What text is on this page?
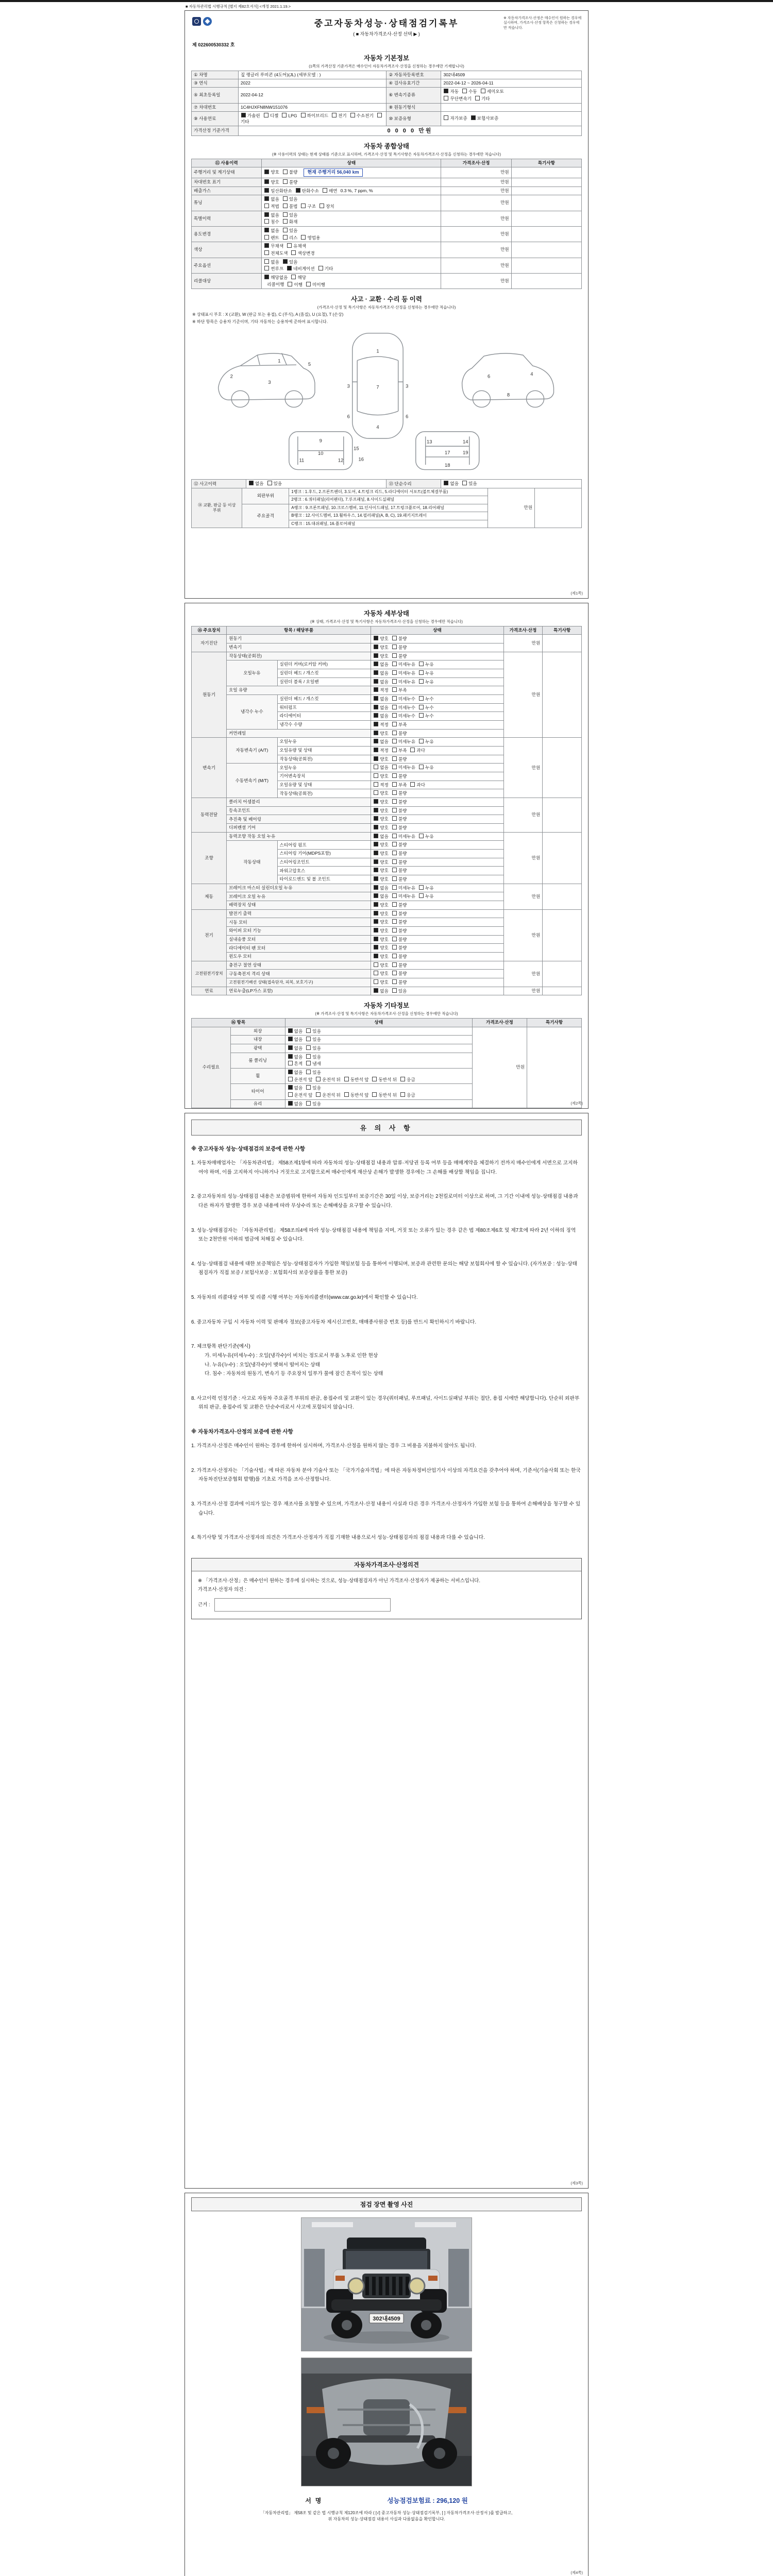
■ 자동차관리법 시행규칙 [별지 제82호서식] <개정 2021.1.19.>
중고자동차성능·상태점검기록부
( ■ 자동차가격조사·산정 선택 ▶ )
※ 자동차가격조사·산정은 매수인이 원하는 경우에 실시하며, 가격조사·산정 항목은 신청하는 경우에만 적습니다.
제 022600530332 호
자동차 기본정보
(1쪽의 가격산정 기준가격은 매수인이 자동차가격조사·산정을 신청하는 경우에만 기재합니다)
① 차명	짚 랭글러 루비콘 (4도어)(JL) (세부모델 : )	② 자동차등록번호	302내4509
③ 연식	2022	④ 검사유효기간	2022-04-12 ~ 2026-04-11
⑤ 최초등록일	2022-04-12	⑥ 변속기종류	자동 수동 세미오토
무단변속기 기타

⑦ 차대번호	1C4HJXFN8NW151076	⑧ 원동기형식	
⑨ 사용연료	가솔린 디젤 LPG 하이브리드 전기 수소전기기타	⑩ 보증유형	자가보증 보험사보증

가격산정 기준가격	0 0 0 0 만원		
자동차 종합상태
(※ 사용이력의 상태는 현재 상태를 기준으로 표시하며, 가격조사·산정 및 특기사항은 자동차가격조사·산정을 신청하는 경우에만 적습니다)
⑪ 사용이력	상태	가격조사·산정	특기사항
주행거리 및 계기상태	양호 불량 현재 주행거리 56,040 km	만원	
차대번호 표기	양호 불량	만원	
배출가스	일산화탄소 탄화수소 매연 0.3 %, 7 ppm, %	만원	
튜닝	없음 있음
적법 불법 구조 장치	만원	
특별이력	없음 있음
침수 화재	만원	
용도변경	없음 있음
렌트 리스 영업용	만원	
색상	무채색 유채색
전체도색 색상변경	만원	
주요옵션	없음 있음
썬루프 네비게이션 기타	만원	
리콜대상	해당없음 해당
리콜이행 이행 미이행	만원	
사고 · 교환 · 수리 등 이력
(가격조사·산정 및 특기사항은 자동차가격조사·산정을 신청하는 경우에만 적습니다)
※ 상태표시 부호 : X (교환), W (판금 또는 용접), C (부식), A (흠집), U (요철), T (손상)
※ 하단 항목은 승용차 기준이며, 기타 자동차는 승용차에 준하여 표시합니다.
1
2
3
5
1
7
4
3	3
6	6
6	4
8
9
10
11	12
15
16
13	14
17
18
19
⑫ 사고이력	없음 있음	⑬ 단순수리	없음 있음
⑭ 교환, 판금 등 이상 부위	외판부위	1랭크 : 1.후드, 2.프론트펜더, 3.도어, 4.트렁크 리드, 5.라디에이터 서포트(볼트체결부품)	만원	
		2랭크 : 6.쿼터패널(리어펜더), 7.루프패널, 8.사이드실패널		
	주요골격	A랭크 : 9.프론트패널, 10.크로스멤버, 11.인사이드패널, 17.트렁크플로어, 18.리어패널		
		B랭크 : 12.사이드멤버, 13.휠하우스, 14.필러패널(A, B, C), 19.패키지트레이		
		C랭크 : 15.대쉬패널, 16.플로어패널		
(제1쪽)
자동차 세부상태
(※ 상태, 가격조사·산정 및 특기사항은 자동차가격조사·산정을 신청하는 경우에만 적습니다)
⑮ 주요장치	항목 / 해당부품		상태	가격조사·산정	특기사항
자기진단	원동기		양호 불량	만원	
	변속기		양호 불량		

원동기	작동상태(공회전)		양호 불량	만원	
	오일누유	실린더 커버(로커암 커버)	없음 미세누유 누유		

		실린더 헤드 / 개스킷	없음 미세누유 누유		

		실린더 블록 / 오일팬	없음 미세누유 누유		

	오일 유량		적정 부족		

	냉각수 누수	실린더 헤드 / 개스킷	없음 미세누수 누수		

		워터펌프	없음 미세누수 누수		

		라디에이터	없음 미세누수 누수		

		냉각수 수량	적정 부족		

	커먼레일		양호 불량		

변속기	자동변속기 (A/T)	오일누유	없음 미세누유 누유	만원	
		오일유량 및 상태	적정 부족 과다		

		작동상태(공회전)	양호 불량		

	수동변속기 (M/T)	오일누유	없음 미세누유 누유		

		기어변속장치	양호 불량		

		오일유량 및 상태	적정 부족 과다		

		작동상태(공회전)	양호 불량		

동력전달	클러치 어셈블리		양호 불량	만원	
	등속조인트		양호 불량		

	추진축 및 베어링		양호 불량		

	디퍼렌셜 기어		양호 불량		

조향	동력조향 작동 오일 누유		없음 미세누유 누유	만원	
	작동상태	스티어링 펌프	양호 불량		

		스티어링 기어(MDPS포함)	양호 불량		

		스티어링조인트	양호 불량		

		파워고압호스	양호 불량		

		타이로드엔드 및 볼 조인트	양호 불량		

제동	브레이크 마스터 실린더오일 누유		없음 미세누유 누유	만원	
	브레이크 오일 누유		없음 미세누유 누유		

	배력장치 상태		양호 불량		

전기	발전기 출력		양호 불량	만원	
	시동 모터		양호 불량		

	와이퍼 모터 기능		양호 불량		

	실내송풍 모터		양호 불량		

	라디에이터 팬 모터		양호 불량		

	윈도우 모터		양호 불량		

고전원전기장치	충전구 절연 상태		양호 불량	만원	
	구동축전지 격리 상태		양호 불량		

	고전원전기배선 상태(접속단자, 피복, 보호기구)		양호 불량		

연료	연료누출(LP가스 포함)		없음 있음	만원	
자동차 기타정보
(※ 가격조사·산정 및 특기사항은 자동차가격조사·산정을 신청하는 경우에만 적습니다)
⑯ 항목		상태	가격조사·산정	특기사항
수리필요	외장	없음 있음	만원	
	내장	없음 있음		

	광택	없음 있음		

	룸 클리닝	없음 있음
흔적 냄새		

	휠	없음 있음
운전석 앞 운전석 뒤 동반석 앞 동반석 뒤 응급		

	타이어	없음 있음
운전석 앞 운전석 뒤 동반석 앞 동반석 뒤 응급		

	유리	없음 있음		

		(제2쪽)
유 의 사 항
※ 중고자동차 성능·상태점검의 보증에 관한 사항
1. 자동차매매업자는 「자동차관리법」 제58조제1항에 따라 자동차의 성능·상태점검 내용과 압류·저당권 등록 여부 등을 매매계약을 체결하기 전까지 매수인에게 서면으로 고지하여야 하며, 이를 고지하지 아니하거나 거짓으로 고지함으로써 매수인에게 재산상 손해가 발생한 경우에는 그 손해를 배상할 책임을 집니다.
2. 중고자동차의 성능·상태점검 내용은 보증범위에 한하여 자동차 인도일부터 보증기간은 30일 이상, 보증거리는 2천킬로미터 이상으로 하며, 그 기간 이내에 성능·상태점검 내용과 다른 하자가 발생한 경우 보증 내용에 따라 무상수리 또는 손해배상을 요구할 수 있습니다.
3. 성능·상태점검자는 「자동차관리법」 제58조의4에 따라 성능·상태점검 내용에 책임을 지며, 거짓 또는 오류가 있는 경우 같은 법 제80조제6호 및 제7호에 따라 2년 이하의 징역 또는 2천만원 이하의 벌금에 처해질 수 있습니다.
4. 성능·상태점검 내용에 대한 보증책임은 성능·상태점검자가 가입한 책임보험 등을 통하여 이행되며, 보증과 관련한 문의는 해당 보험회사에 할 수 있습니다. (자가보증 : 성능·상태점검자가 직접 보증 / 보험사보증 : 보험회사의 보증상품을 통한 보증)
5. 자동차의 리콜대상 여부 및 리콜 시행 여부는 자동차리콜센터(www.car.go.kr)에서 확인할 수 있습니다.
6. 중고자동차 구입 시 자동차 이력 및 판매자 정보(중고자동차 제시신고번호, 매매종사원증 번호 등)를 반드시 확인하시기 바랍니다.
7. 체크항목 판단기준(예시)
가. 미세누유(미세누수) : 오일(냉각수)이 비치는 정도로서 부품 노후로 인한 현상
나. 누유(누수) : 오일(냉각수)이 맺혀서 떨어지는 상태
다. 침수 : 자동차의 원동기, 변속기 등 주요장치 일부가 물에 잠긴 흔적이 있는 상태
8. 사고이력 인정기준 : 사고로 자동차 주요골격 부위의 판금, 용접수리 및 교환이 있는 경우(쿼터패널, 루프패널, 사이드실패널 부위는 절단, 용접 시에만 해당합니다). 단순히 외판부위의 판금, 용접수리 및 교환은 단순수리로서 사고에 포함되지 않습니다.
※ 자동차가격조사·산정의 보증에 관한 사항
1. 가격조사·산정은 매수인이 원하는 경우에 한하여 실시하며, 가격조사·산정을 원하지 않는 경우 그 비용을 지불하지 않아도 됩니다.
2. 가격조사·산정자는 「기술사법」에 따른 자동차 분야 기술사 또는 「국가기술자격법」에 따른 자동차정비산업기사 이상의 자격요건을 갖추어야 하며, 기준서(기술사회 또는 한국자동차진단보증협회 발행)를 기초로 가격을 조사·산정합니다.
3. 가격조사·산정 결과에 이의가 있는 경우 재조사를 요청할 수 있으며, 가격조사·산정 내용이 사실과 다른 경우 가격조사·산정자가 가입한 보험 등을 통하여 손해배상을 청구할 수 있습니다.
4. 특기사항 및 가격조사·산정자의 의견은 가격조사·산정자가 직접 기재한 내용으로서 성능·상태점검자의 점검 내용과 다를 수 있습니다.
자동차가격조사·산정의견
※ 「가격조사·산정」은 매수인이 원하는 경우에 실시하는 것으로, 성능·상태점검자가 아닌 가격조사·산정자가 제공하는 서비스입니다.
가격조사·산정자 의견 :
근거 :
(제3쪽)
점검 장면 촬영 사진
302내4509
서명	성능점검보험료 : 296,120 원
「자동차관리법」 제58조 및 같은 법 시행규칙 제120조에 따라 ( [√] 중고자동차 성능·상태점검기록부, [ ] 자동차가격조사·산정서 )를 발급하고,
위 자동차의 성능·상태점검 내용이 사실과 다름없음을 확인합니다.
(제4쪽)
